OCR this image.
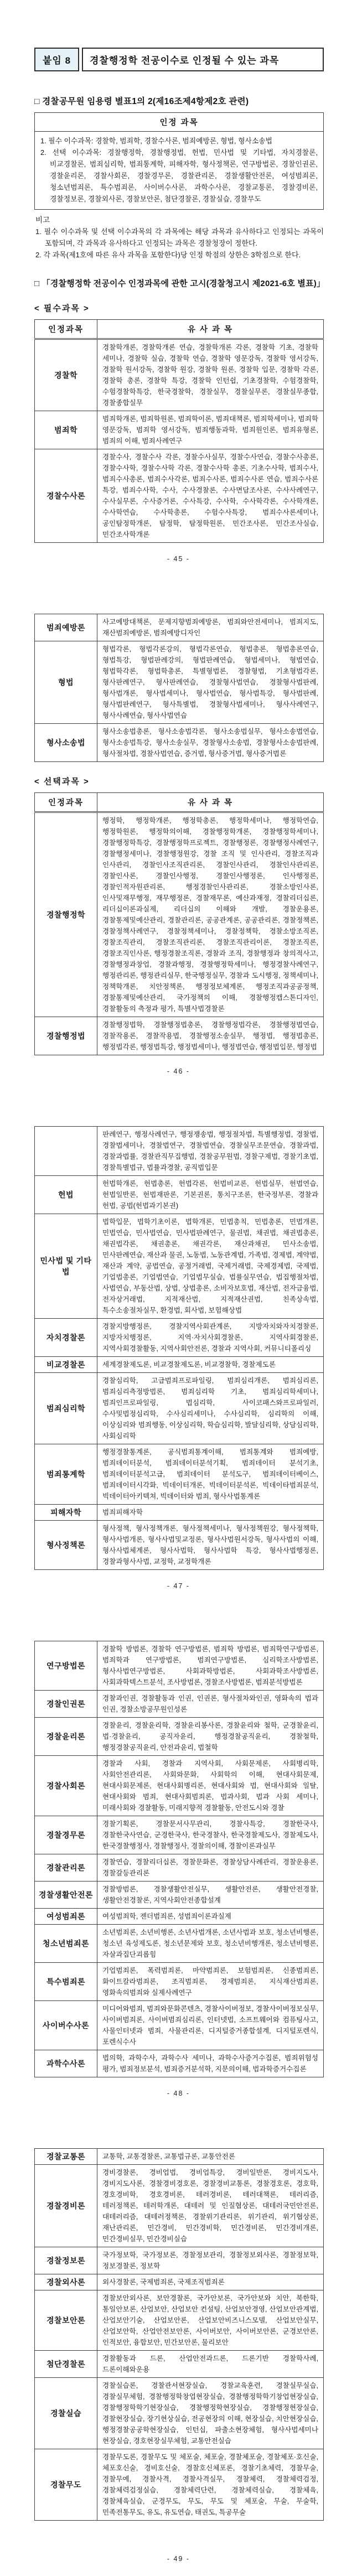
붙임 8	경찰행정학 전공이수로 인정될 수 있는 과목
□ 경찰공무원 임용령 별표1의 2(제16조제4항제2호 관련)
인정 과목

1. 필수 이수과목: 경찰학, 범죄학, 경찰수사론, 범죄예방론, 형법, 형사소송법

2. 선택 이수과목: 경찰행정학, 경찰행정법, 헌법, 민사법 및 기타법, 자치경찰론, 비교경찰론, 범죄심리학, 범죄통계학, 피해자학, 형사정책론, 연구방법론, 경찰인권론, 경찰윤리론, 경찰사회론, 경찰경무론, 경찰관리론, 경찰생활안전론, 여성범죄론, 청소년범죄론, 특수범죄론, 사이버수사론, 과학수사론, 경찰교통론, 경찰경비론, 경찰정보론, 경찰외사론, 경찰보안론, 첨단경찰론, 경찰실습, 경찰무도

비고

1. 필수 이수과목 및 선택 이수과목의 각 과목에는 해당 과목과 유사하다고 인정되는 과목이 포함되며, 각 과목과 유사하다고 인정되는 과목은 경찰청장이 정한다.

2. 각 과목(제1호에 따른 유사 과목을 포함한다)당 인정 학점의 상한은 3학점으로 한다.

□ 「경찰행정학 전공이수 인정과목에 관한 고시(경찰청고시 제2021-6호 별표)」
< 필수과목 >
인정과목	유 사 과 목
경찰학	경찰학개론, 경찰학개론 연습, 경찰학개론 각론, 경찰학 기초, 경찰학 세미나, 경찰학 실습, 경찰학 연습, 경찰학 영문강독, 경찰학 영서강독, 경찰학 원서강독, 경찰학 원강, 경찰학 원론, 경찰학 입문, 경찰학 각론, 경찰학 총론, 경찰학 특강, 경찰학 인턴쉽, 기초경찰학, 수험경찰학, 수험경찰학특강, 한국경찰학, 경찰실무, 경찰실무론, 경찰실무종합, 경찰종합실무
범죄학	범죄학개론, 범죄학원론, 범죄학이론, 범죄대책론, 범죄학세미나, 범죄학 영문강독, 범죄학 영서강독, 범죄행동과학, 범죄원인론, 범죄유형론, 범죄의 이해, 범죄사례연구
경찰수사론	경찰수사, 경찰수사 각론, 경찰수사실무, 경찰수사연습, 경찰수사총론, 경찰수사학, 경찰수사학 각론, 경찰수사학 총론, 기초수사학, 범죄수사, 범죄수사총론, 범죄수사각론, 범죄수사론, 범죄수사론 연습, 범죄수사론 특강, 범죄수사학, 수사, 수사경찰론, 수사면담조사론, 수사사례연구, 수사실무론, 수사증거론, 수사특강, 수사학, 수사학각론, 수사학개론, 수사학연습, 수사학총론, 수험수사특강, 범죄수사론세미나, 공인탐정학개론, 탐정학, 탐정학원론, 민간조사론, 민간조사실습, 민간조사학개론
- 45 -
범죄예방론	사고예방대책론, 문제지향범죄예방론, 범죄와안전세미나, 범죄지도, 재산범죄예방론, 범죄예방디자인
형법	형법각론, 형법각론강의, 형법각론연습, 형법총론, 형법총론연습, 형법특강, 형법판례강의, 형법판례연습, 형법세미나, 형법연습, 형법학각론, 형법학총론, 특별형법론, 경찰형법, 기초형법각론, 형사판례연구, 형사판례연습, 경찰형사법연습, 경찰형사법판례, 형사법개론, 형사법세미나, 형사법연습, 형사법특강, 형사법판례, 형사법판례연구, 형사특별법, 경찰형사법세미나, 형사사례연구, 형사사례연습, 형사사법연습
형사소송법	형사소송법총론, 형사소송법각론, 형사소송법실무, 형사소송법연습, 형사소송법특강, 형사소송실무, 경찰형사소송법, 경찰형사소송법판례, 형사절차법, 경찰사법연습, 증거법, 형사증거법, 형사증거법론
< 선택과목 >
인정과목	유 사 과 목
경찰행정학	행정학, 행정학개론, 행정학총론, 행정학세미나, 행정학연습, 행정학원론, 행정학의이해, 경찰행정학개론, 경찰행정학세미나, 경찰행정학특강, 경찰행정학프로젝트, 경찰행정론, 경찰행정사례연구, 경찰행정세미나, 경찰행정원강, 경찰 조직 및 인사관리, 경찰조직과 인사관리, 경찰인사조직관리론, 경찰인사관리, 경찰인사관리론, 경찰인사론, 경찰인사행정, 경찰인사행정론, 인사행정론, 경찰인적자원관리론, 행정경찰인사관리론, 경찰소방인사론, 인사및재무행정, 재무행정론, 경찰재무론, 예산과재정, 경찰리더십론, 리더십이론과실제, 리더십의 이해와 개발, 경찰운용론, 경찰통제및예산관리, 경찰관리론, 공공관계론, 공공관리론, 경찰정책론, 경찰정책사례연구, 경찰정책세미나, 경찰정책학, 경찰소방조직론, 경찰조직관리, 경찰조직관리론, 경찰조직관리이론, 경찰조직론, 경찰조직인사론, 행정경찰조직론, 경찰과 조직, 경찰행정과 창의적사고, 경찰행정과창업, 경찰과행정, 경찰행정학세미나, 행정경찰사례연구, 행정관리론, 행정관리실무, 한국행정실무, 경찰과 도시행정, 정책세미나, 정책학개론, 치안정책론, 행정정보체계론, 행정조직과공공정책, 경찰통제및예산관리, 국가정책의 이해, 경찰행정캡스톤디자인, 경찰활동의 측정과 평가, 특별사법경찰론
경찰행정법	경찰행정법학, 경찰행정법총론, 경찰행정법각론, 경찰행정법연습, 경찰작용론, 경찰작용법, 경찰행정소송실무, 행정법, 행정법총론, 행정법각론, 행정법특강, 행정법세미나, 행정법연습, 행정법입문, 행정법
- 46 -
	판례연구, 행정사례연구, 행정쟁송법, 행정절차법, 특별행정법, 경찰법, 경찰법세미나, 경찰법연구, 경찰법연습, 경찰실무조문연습, 경찰과법, 경찰과법률, 경찰관직무집행법, 경찰공무원법, 경찰구제법, 경찰기초법, 경찰특별법규, 법률과경찰, 공직법입문
헌법	헌법학개론, 헌법총론, 헌법각론, 헌법비교론, 헌법실무, 헌법연습, 헌법일반론, 헌법재판론, 기본권론, 통치구조론, 한국정부론, 경찰과 헌법, 공법(헌법과기본권)
민사법 및 기타법	법학입문, 법학기초이론, 법학개론, 민법총칙, 민법총론, 민법개론, 민법연습, 민사법연습, 민사법판례연구, 물권법, 채권법, 채권법총론, 채권법각론, 채권총론, 채권각론, 재산과채권, 민사소송법, 민사판례연습, 재산과 물권, 노동법, 노동관계법, 가족법, 경제법, 계약법, 재산과 계약, 공법연습, 공정거래법, 국제거래법, 국제경제법, 국제법, 기업법총론, 기업법연습, 기업법무실습, 법률실무연습, 법집행절차법, 사법연습, 부동산법, 상법, 상법총론, 소비자보호법, 재산법, 전자금융법, 전자상거래법, 지적재산법, 지적재산권법, 친족상속법, 특수소송절차실무, 환경법, 회사법, 보험해상법
자치경찰론	경찰지방행정론, 경찰지역사회관계론, 지방자치와자치경찰론, 지방자치행정론, 지역·자치사회경찰론, 지역사회경찰론, 지역사회경찰활동, 지역사회안전론, 경찰과 지역사회, 커뮤니티폴리싱
비교경찰론	세계경찰제도론, 비교경찰제도론, 비교경찰학, 경찰제도론
범죄심리학	경찰심리학, 고급범죄프로파일링, 범죄심리개론, 범죄심리론, 범죄심리측정방법론, 범죄심리학 기초, 범죄심리학세미나, 범죄인프로파일링, 법심리학, 사이코패스와프로파일러, 수사및법정심리학, 수사심리세미나, 수사심리학, 심리학의 이해, 이상심리와 범죄행동, 이상심리학, 학습심리학, 발달심리학, 상담심리학, 사회심리학
범죄통계학	행정경찰통계론, 공식범죄통계이해, 범죄통계와 범죄예방, 범죄데이터분석, 범죄데이터분석기획, 범죄데이터 분석기초, 범죄데이터분석고급, 범죄데이터 분석도구, 범죄데이터베이스, 범죄데이터시각화, 빅데이터개론, 빅데이터분석론, 빅데이타범죄분석, 빅데이터아키텍쳐, 빅데이터와 범죄, 형사사법통계론
피해자학	범죄피해자학
형사정책론	형사정책, 형사정책개론, 형사정책세미나, 형사정책원강, 형사정책학, 형사사법개론, 형사사법및교정론, 형사사법원서강독, 형사사법의 이해, 형사사법체계론, 형사사법학, 형사사법학 특강, 형사사법행정론, 경찰과형사사법, 교정학, 교정학개론
- 47 -
연구방법론	경찰학 방법론, 경찰학 연구방법론, 범죄학 방법론, 범죄학연구방법론, 범죄학과 연구방법론, 범죄연구방법론, 심리학조사방법론, 형사사법연구방법론, 사회과학방법론, 사회과학조사방법론, 사회과학텍스트분석, 조사방법론, 경찰조사방법론, 범죄분석방법론
경찰인권론	경찰과인권, 경찰활동과 인권, 인권론, 형사절차와인권, 영화속의 법과 인권, 경찰소방공무원인성론
경찰윤리론	경찰윤리, 경찰윤리학, 경찰윤리봉사론, 경찰윤리와 철학, 군경찰윤리, 법·경찰윤리, 공직자윤리, 행정경찰공직윤리, 경찰철학, 행정경찰공직윤리, 안전과윤리, 법철학
경찰사회론	경찰과 사회, 경찰과 지역사회, 사회문제론, 사회병리학, 사회안전관리론, 사회와문화, 사회학의 이해, 현대사회문제, 현대사회문제론, 현대사회병리론, 현대사회와 법, 현대사회와 일탈, 현대사회와 범죄, 현대사회범죄론, 법과사회, 법과 사회 세미나, 미래사회와 경찰활동, 미래지향적 경찰활동, 안전도시와 경찰
경찰경무론	경찰기획론, 경찰문서사무관리, 경찰사특강, 경찰한국사, 경찰한국사연습, 군경한국사, 한국경찰사, 한국경찰제도사, 경찰제도사, 한국경찰행정사, 경찰행정사, 경찰의이해, 경찰이론과실무
경찰관리론	경찰연습, 경찰리더십론, 경찰문화론, 경찰상담사례관리, 경찰운용론, 경찰갈등관리론
경찰생활안전론	경찰방범론, 경찰생활안전실무, 생활안전론, 생활안전경찰, 생활안전경찰론, 지역사회안전종합설계
여성범죄론	여성범죄학, 젠더범죄론, 성범죄이론과실제
청소년범죄론	소년범죄론, 소년비행론, 소년사법개론, 소년사법과 보호, 청소년비행론, 청소년 육성제도론, 청소년문제와 보호, 청소년비행개론, 청소년비행론, 자살과집단괴롭힘
특수범죄론	기업범죄론, 폭력범죄론, 마약범죄론, 보험범죄론, 신종범죄론, 화이트칼라범죄론, 조직범죄론, 경제범죄론, 지식재산범죄론, 영화속의범죄와 실제사례연구
사이버수사론	미디어와범죄, 범죄와문화콘텐츠, 경찰사이버정보, 경찰사이버정보실무, 사이버범죄론, 사이버범죄심리론, 인터넷법, 소프트웨어와 컴퓨팅사고, 사물인터넷과 범죄, 사물관리론, 디지털증거종합설계, 디지털포렌식, 포렌식수사
과학수사론	법의학, 과학수사, 과학수사 세미나, 과학수사증거수집론, 범죄위험성 평가, 범죄정보분석, 범죄증거분석학, 지문의이해, 법과학증거수집론
- 48 -
경찰교통론	교통학, 교통경찰론, 교통법규론, 교통안전론
경찰경비론	경비경찰론, 경비업법, 경비업특강, 경비일반론, 경비지도사, 경비지도사론, 경찰경비경호론, 경찰경비교통론, 경찰경호론, 경호학, 경호경비학, 경호경비론, 테러경비론, 테러대책론, 테러리즘, 테러정책론, 테러학개론, 대테러 및 인질협상론, 대테러국민안전론, 대테러리즘, 대테러정책론, 경찰위기관리론, 위기관리, 위기협상론, 재난관리론, 민간경비, 민간경비학, 민간경비론, 민간경비개론, 민간경비실무, 민간경비실습
경찰정보론	국가정보학, 국가정보론, 경찰정보관리, 경찰정보외사론, 경찰정보학, 정보경찰론, 정보학
경찰외사론	외사경찰론, 국제범죄론, 국제조직범죄론
경찰보안론	경찰보안외사론, 보안경찰론, 국가안보론, 국가안보와 치안, 북한학, 통일안보론, 산업보안, 산업보안 컨설팅, 산업보안경영, 산업보안관계법, 산업보안기술, 산업보안론, 산업보안비즈니스모델, 산업보안실무, 산업보안학, 산업안전보안론, 사이버보안, 사이버보안론, 군경보안론, 인적보안, 융합보안, 민간보안론, 물리보안
첨단경찰론	경찰활동과 드론, 산업안전과드론, 드론기반 경찰학사례, 드론이해와운용
경찰실습	경찰실습론, 경찰관서현장실습, 경찰교육훈련, 경찰실무실습, 경찰실무체험, 경찰행정학창업현장실습, 경찰행정학학기창업현장실습, 경찰행정학학기현장실습, 경찰행정학현장실습, 경찰행정현장실습, 경찰현장실습, 장기현상실습, 전공현장의 이해, 현장실습, 치안현장실습, 행정경찰공공학현장실습, 인턴십, 파출소현장체험, 형사사법세미나 현장실습, 경호현장실무체험, 교통안전실습
경찰무도	경찰무도론, 경찰무도 및 체포술, 체포술, 경찰체포술, 경찰체포·호신술, 체포호신술, 경비호신술, 경찰호신체포론, 경찰기초체력, 경찰무술, 경찰무예, 경찰사격, 경찰사격실무, 경찰체력, 경찰체력검정, 경찰체력검정실습, 경찰체력단련, 경찰체력실습, 경찰체육, 경찰체육실습, 군경무도, 무도, 무도 및 체포술, 무술, 무술학, 민족전통무도, 유도, 유도연습, 태권도, 특공무술
- 49 -
